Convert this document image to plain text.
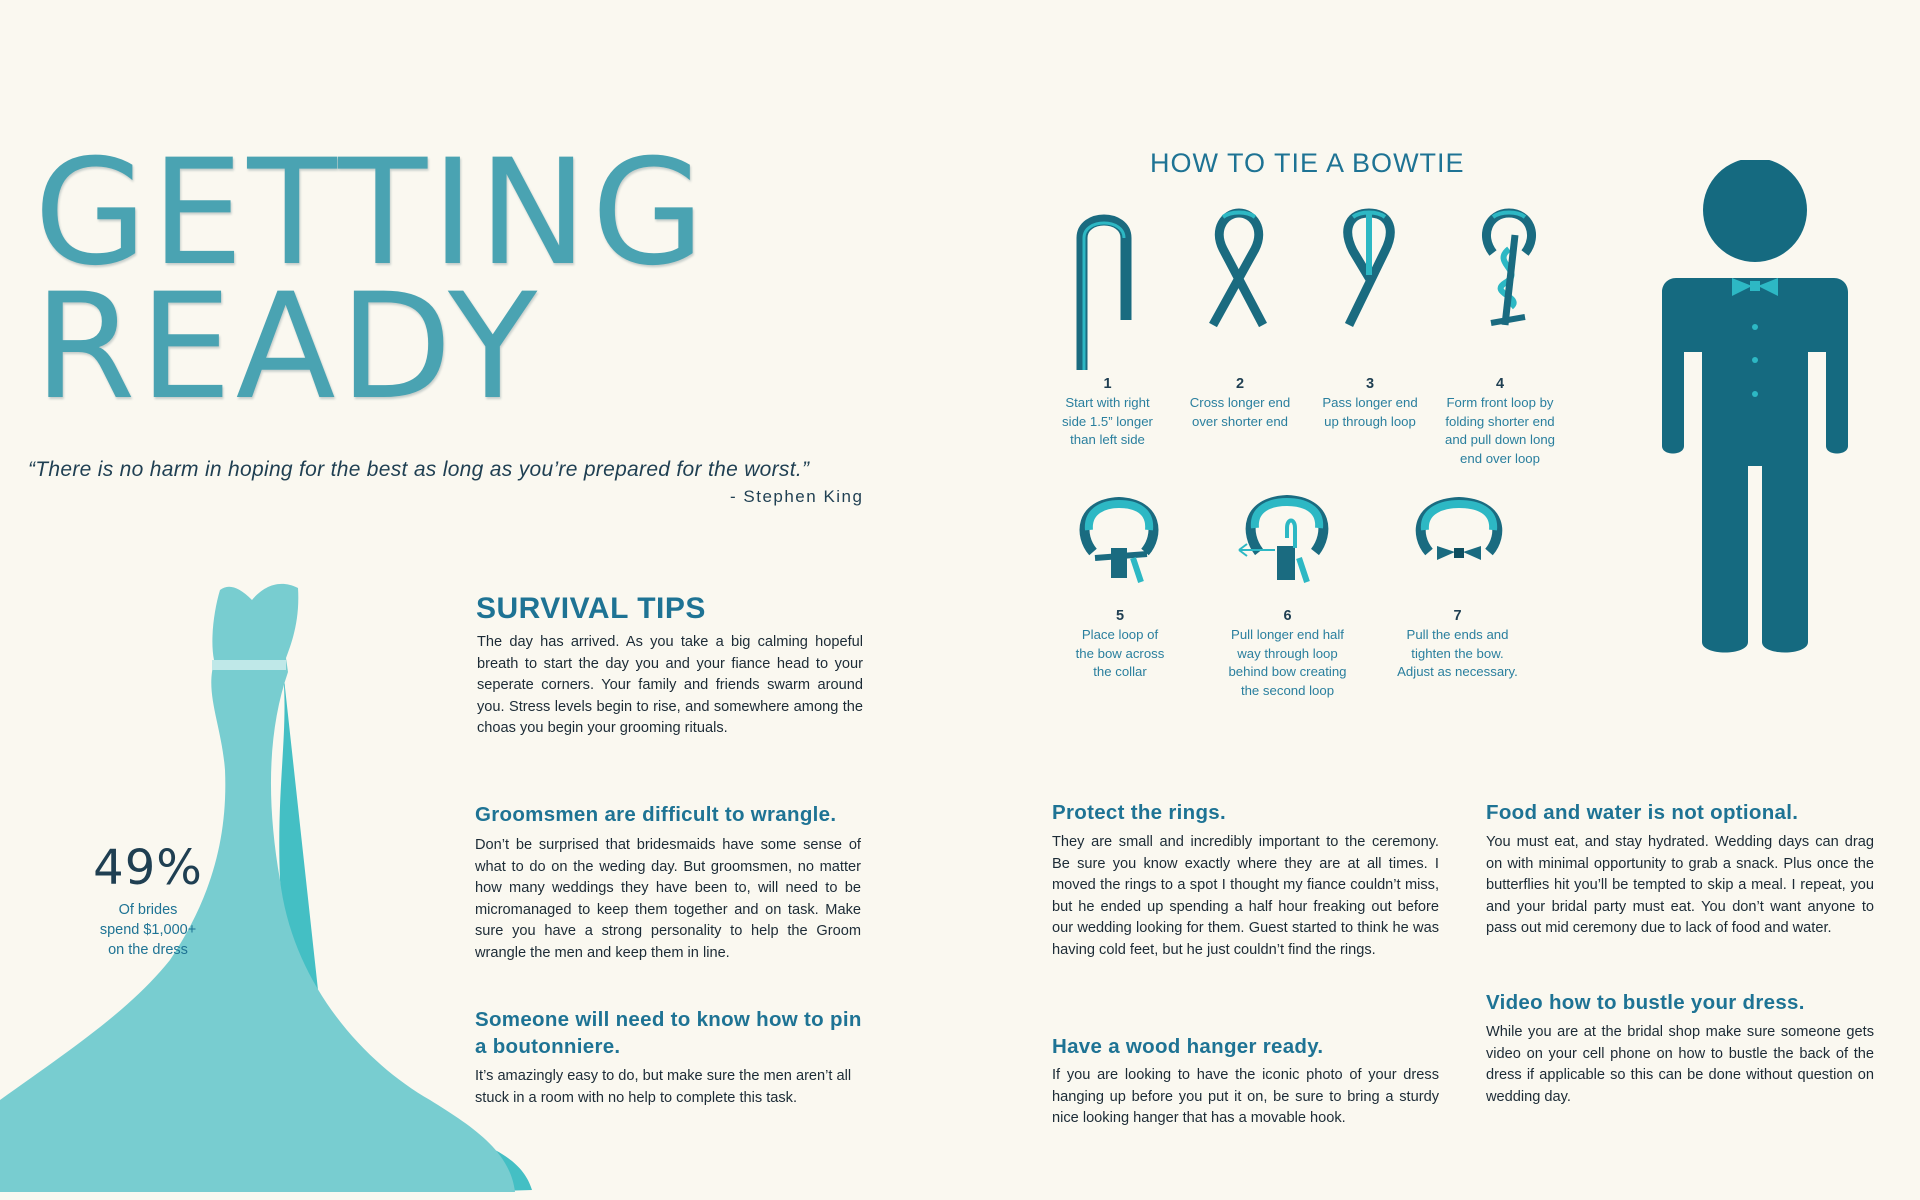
GETTING
READY
“There is no harm in hoping for the best as long as you’re prepared for the worst.”
- Stephen King
49%
Of brides
spend $1,000+
on the dress
SURVIVAL TIPS
The day has arrived. As you take a big calming hopeful breath to start the day you and your fiance head to your seperate corners. Your family and friends swarm around you. Stress levels begin to rise, and somewhere among the choas you begin your grooming rituals.
Groomsmen are difficult to wrangle.
Don’t be surprised that bridesmaids have some sense of what to do on the weding day. But groomsmen, no matter how many weddings they have been to, will need to be micromanaged to keep them together and on task. Make sure you have a strong personality to help the Groom wrangle the men and keep them in line.
Someone will need to know how to pin a boutonniere.
It’s amazingly easy to do, but make sure the men aren’t all stuck in a room with no help to complete this task.
HOW TO TIE A BOWTIE
1
Start with right
side 1.5” longer
than left side
2
Cross longer end
over shorter end
3
Pass longer end
up through loop
4
Form front loop by
folding shorter end
and pull down long
end over loop
5
Place loop of
the bow across
the collar
6
Pull longer end half
way through loop
behind bow creating
the second loop
7
Pull the ends and
tighten the bow.
Adjust as necessary.
Protect the rings.
They are small and incredibly important to the ceremony. Be sure you know exactly where they are at all times. I moved the rings to a spot I thought my fiance couldn’t miss, but he ended up spending a half hour freaking out before our wedding looking for them. Guest started to think he was having cold feet, but he just couldn’t find the rings.
Have a wood hanger ready.
If you are looking to have the iconic photo of your dress hanging up before you put it on, be sure to bring a sturdy nice looking hanger that has a movable hook.
Food and water is not optional.
You must eat, and stay hydrated. Wedding days can drag on with minimal opportunity to grab a snack. Plus once the butterflies hit you’ll be tempted to skip a meal. I repeat, you and your bridal party must eat. You don’t want anyone to pass out mid ceremony due to lack of food and water.
Video how to bustle your dress.
While you are at the bridal shop make sure someone gets video on your cell phone on how to bustle the back of the dress if applicable so this can be done without question on wedding day.
